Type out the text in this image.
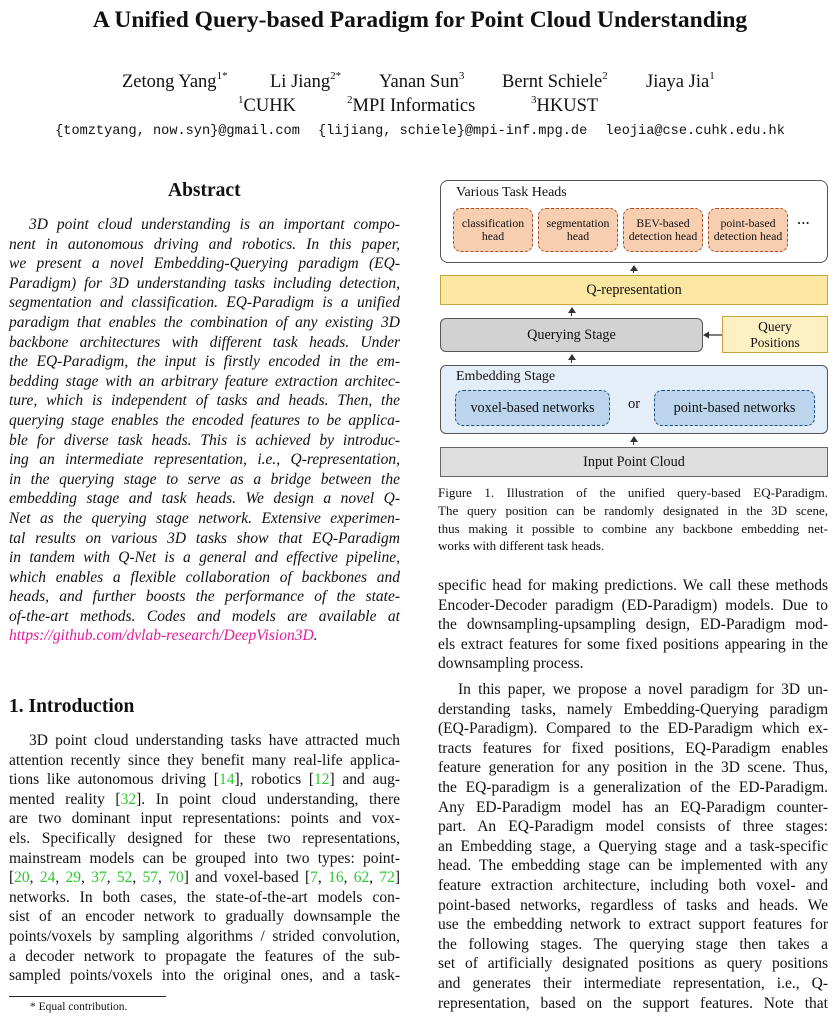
A Unified Query-based Paradigm for Point Cloud Understanding
Zetong Yang$^{1*}$ Li Jiang$^{2*}$ Yanan Sun$^3$ Bernt Schiele$^2$ Jiaya Jia$^1$
$^1$CUHK	$^2$MPI Informatics	$^3$HKUST
{tomztyang, now.syn}@gmail.com {lijiang, schiele}@mpi-inf.mpg.de leojia@cse.cuhk.edu.hk
Abstract
3D point cloud understanding is an important compo-
nent in autonomous driving and robotics. In this paper,
we present a novel Embedding-Querying paradigm (EQ-
Paradigm) for 3D understanding tasks including detection,
segmentation and classification. EQ-Paradigm is a unified
paradigm that enables the combination of any existing 3D
backbone architectures with different task heads. Under
the EQ-Paradigm, the input is firstly encoded in the em-
bedding stage with an arbitrary feature extraction architec-
ture, which is independent of tasks and heads. Then, the
querying stage enables the encoded features to be applica-
ble for diverse task heads. This is achieved by introduc-
ing an intermediate representation, i.e., Q-representation,
in the querying stage to serve as a bridge between the
embedding stage and task heads. We design a novel Q-
Net as the querying stage network. Extensive experimen-
tal results on various 3D tasks show that EQ-Paradigm
in tandem with Q-Net is a general and effective pipeline,
which enables a flexible collaboration of backbones and
heads, and further boosts the performance of the state-
of-the-art methods. Codes and models are available at
https://github.com/dvlab-research/DeepVision3D.
1. Introduction
3D point cloud understanding tasks have attracted much
attention recently since they benefit many real-life applica-
tions like autonomous driving [14], robotics [12] and aug-
mented reality [32]. In point cloud understanding, there
are two dominant input representations: points and vox-
els. Specifically designed for these two representations,
mainstream models can be grouped into two types: point-
[20, 24, 29, 37, 52, 57, 70] and voxel-based [7, 16, 62, 72]
networks. In both cases, the state-of-the-art models con-
sist of an encoder network to gradually downsample the
points/voxels by sampling algorithms / strided convolution,
a decoder network to propagate the features of the sub-
sampled points/voxels into the original ones, and a task-
* Equal contribution.
Various Task Heads
classification head
segmentation head
BEV-based detection head
point-based detection head
...
Q-representation
Querying Stage	Query Positions
Embedding Stage
voxel-based networks	or	point-based networks
Input Point Cloud
Figure 1. Illustration of the unified query-based EQ-Paradigm.
The query position can be randomly designated in the 3D scene,
thus making it possible to combine any backbone embedding net-
works with different task heads.
specific head for making predictions. We call these methods
Encoder-Decoder paradigm (ED-Paradigm) models. Due to
the downsampling-upsampling design, ED-Paradigm mod-
els extract features for some fixed positions appearing in the
downsampling process.
In this paper, we propose a novel paradigm for 3D un-
derstanding tasks, namely Embedding-Querying paradigm
(EQ-Paradigm). Compared to the ED-Paradigm which ex-
tracts features for fixed positions, EQ-Paradigm enables
feature generation for any position in the 3D scene. Thus,
the EQ-paradigm is a generalization of the ED-Paradigm.
Any ED-Paradigm model has an EQ-Paradigm counter-
part. An EQ-Paradigm model consists of three stages:
an Embedding stage, a Querying stage and a task-specific
head. The embedding stage can be implemented with any
feature extraction architecture, including both voxel- and
point-based networks, regardless of tasks and heads. We
use the embedding network to extract support features for
the following stages. The querying stage then takes a
set of artificially designated positions as query positions
and generates their intermediate representation, i.e., Q-
representation, based on the support features. Note that
